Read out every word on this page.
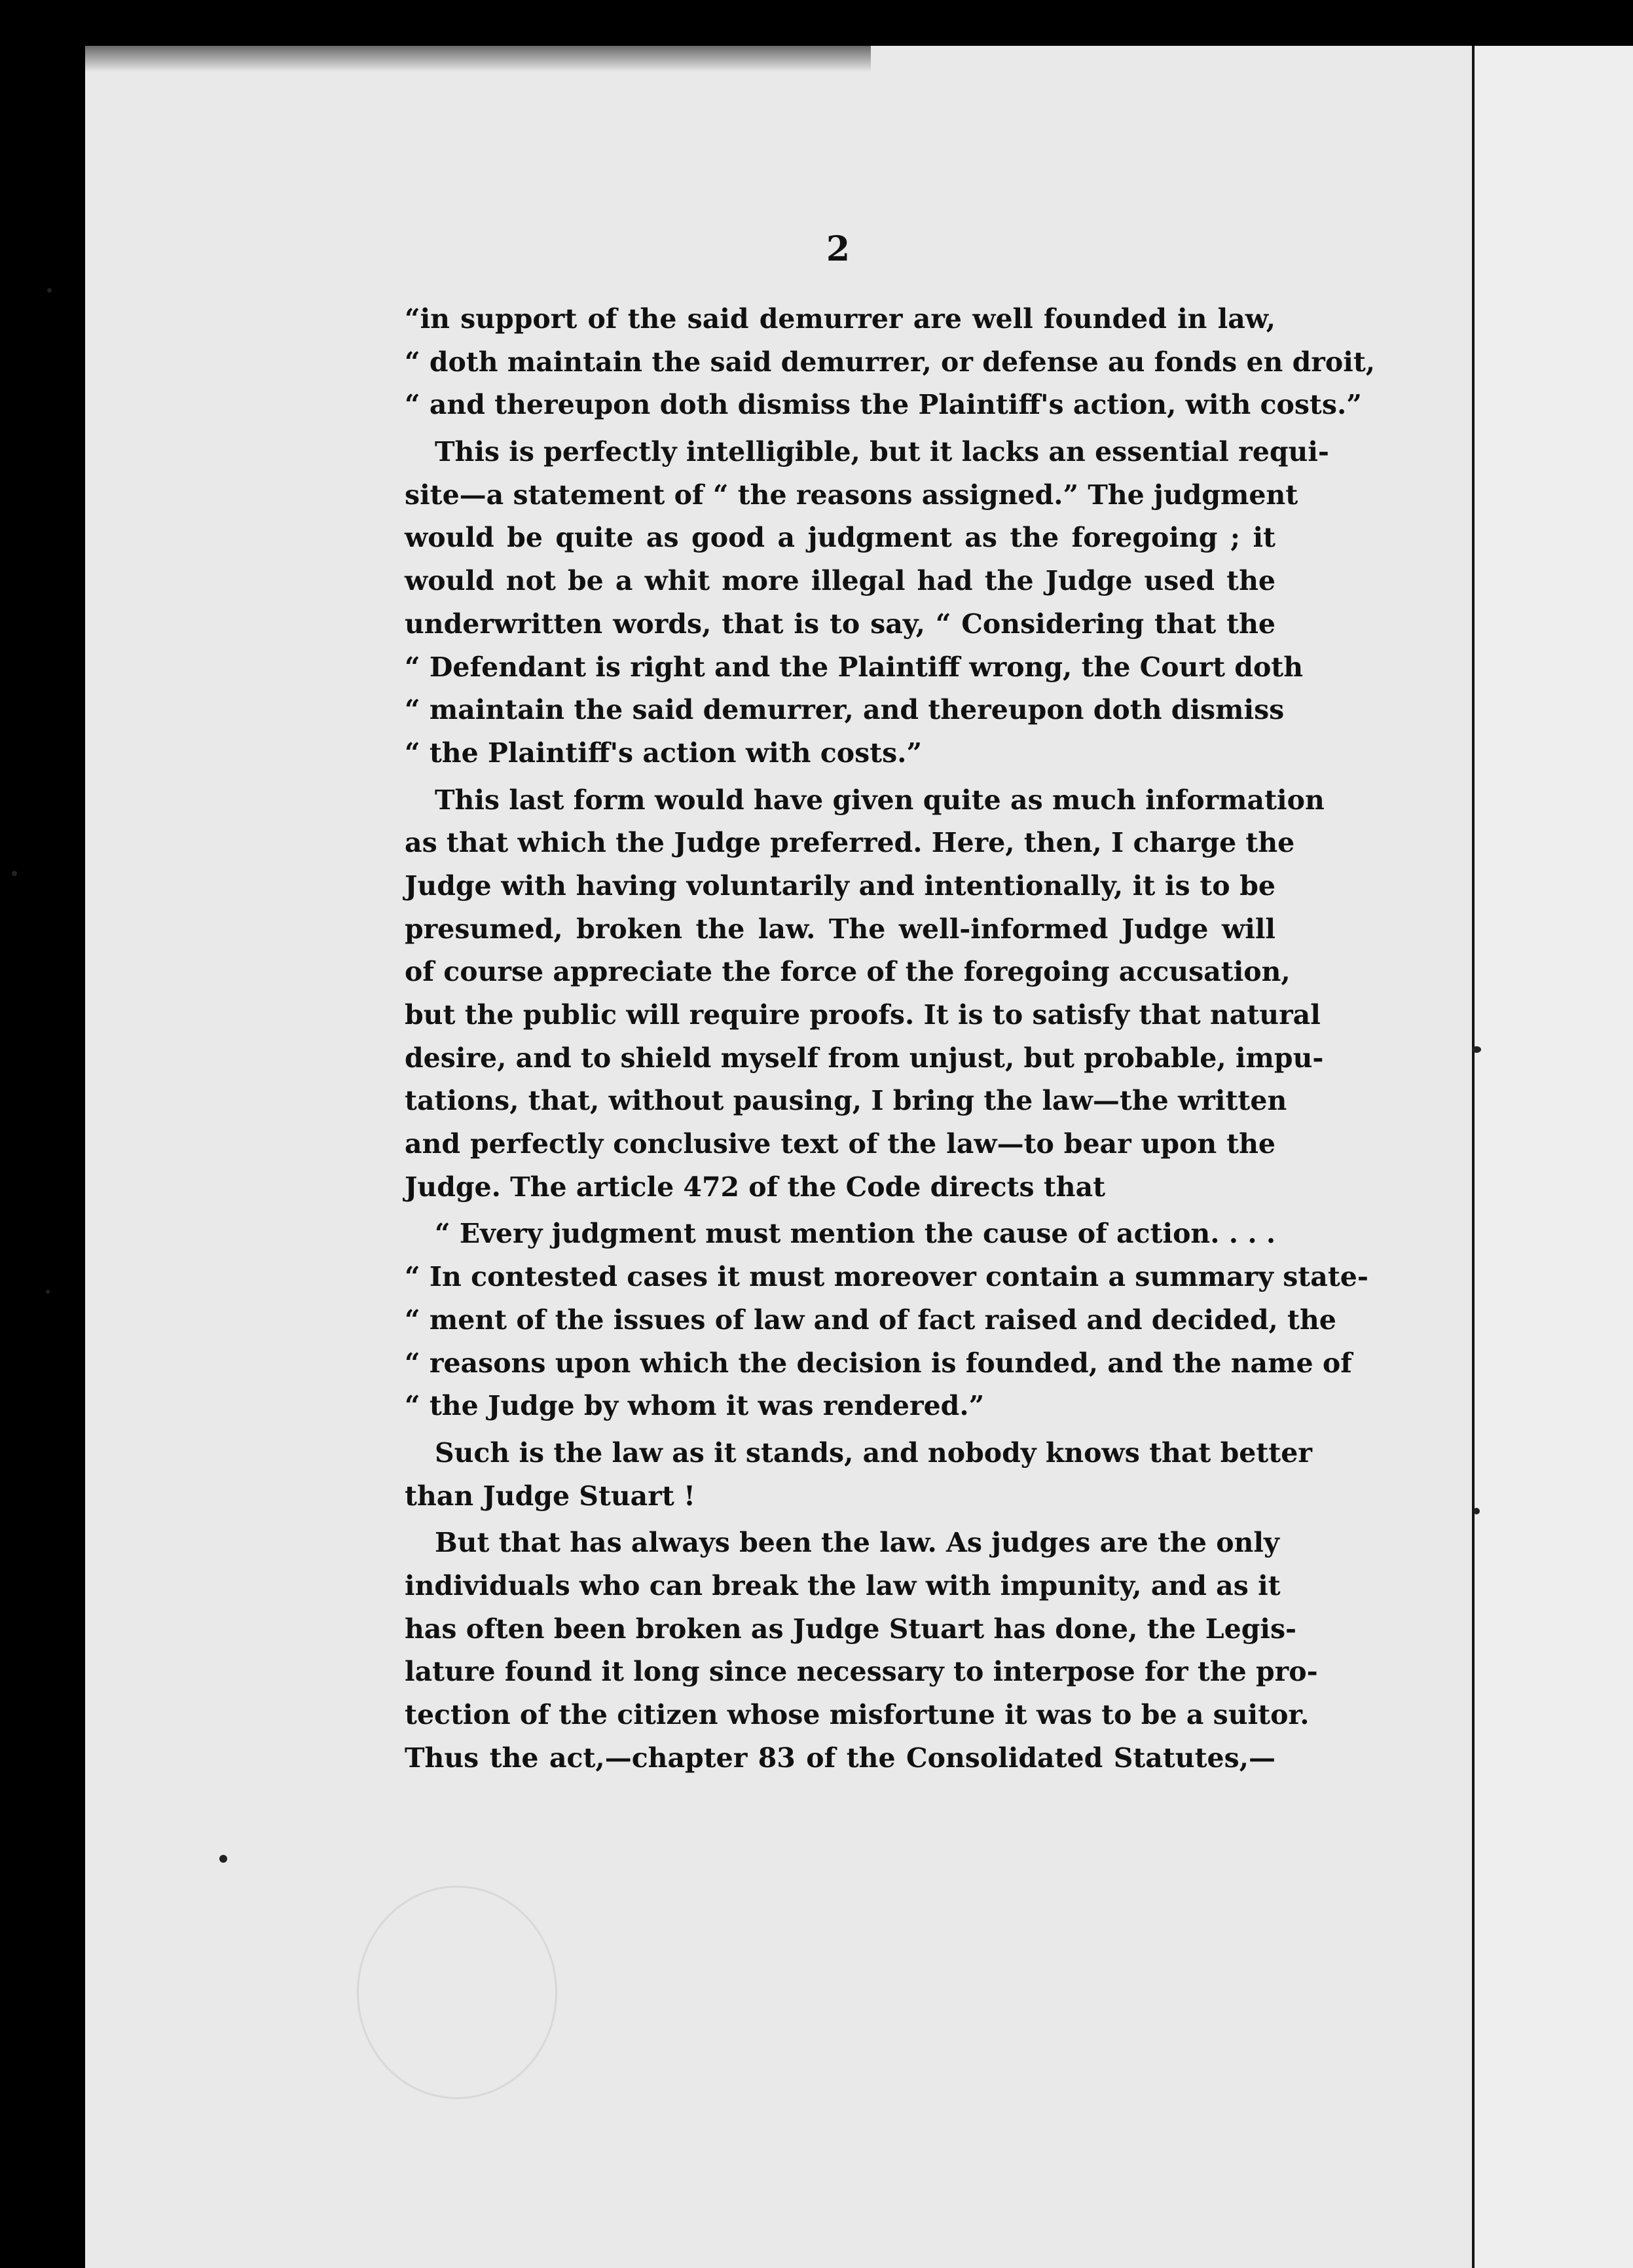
2
“in support of the said demurrer are well founded in law,
“ doth maintain the said demurrer, or defense au fonds en droit,
“ and thereupon doth dismiss the Plaintiff's action, with costs.”
This is perfectly intelligible, but it lacks an essential requi-
site—a statement of “ the reasons assigned.” The judgment
would be quite as good a judgment as the foregoing ; it
would not be a whit more illegal had the Judge used the
underwritten words, that is to say, “ Considering that the
“ Defendant is right and the Plaintiff wrong, the Court doth
“ maintain the said demurrer, and thereupon doth dismiss
“ the Plaintiff's action with costs.”
This last form would have given quite as much information
as that which the Judge preferred. Here, then, I charge the
Judge with having voluntarily and intentionally, it is to be
presumed, broken the law. The well-informed Judge will
of course appreciate the force of the foregoing accusation,
but the public will require proofs. It is to satisfy that natural
desire, and to shield myself from unjust, but probable, impu-
tations, that, without pausing, I bring the law—the written
and perfectly conclusive text of the law—to bear upon the
Judge. The article 472 of the Code directs that
“ Every judgment must mention the cause of action. . . .
“ In contested cases it must moreover contain a summary state-
“ ment of the issues of law and of fact raised and decided, the
“ reasons upon which the decision is founded, and the name of
“ the Judge by whom it was rendered.”
Such is the law as it stands, and nobody knows that better
than Judge Stuart !
But that has always been the law. As judges are the only
individuals who can break the law with impunity, and as it
has often been broken as Judge Stuart has done, the Legis-
lature found it long since necessary to interpose for the pro-
tection of the citizen whose misfortune it was to be a suitor.
Thus the act,—chapter 83 of the Consolidated Statutes,—
